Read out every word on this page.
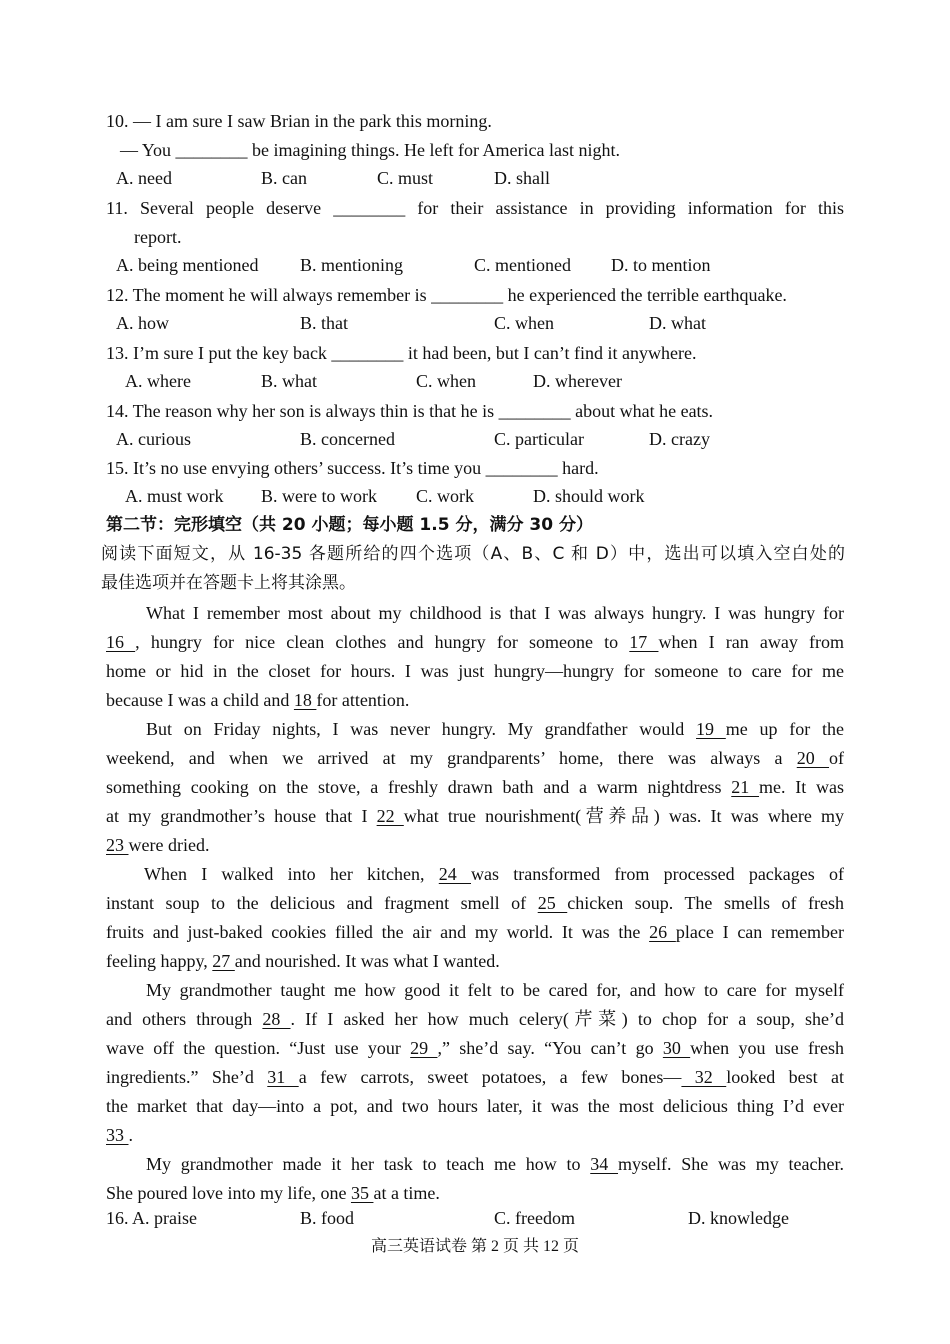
10. — I am sure I saw Brian in the park this morning.
— You ________ be imagining things. He left for America last night.
A. need	B. can	C. must	D. shall
11. Several people deserve ________ for their assistance in providing information for this
report.
A. being mentioned B. mentioning	C. mentioned D. to mention
12. The moment he will always remember is ________ he experienced the terrible earthquake.
A. how	B. that	C. when	D. what
13. I’m sure I put the key back ________ it had been, but I can’t find it anywhere.
A. where	B. what	C. when	D. wherever
14. The reason why her son is always thin is that he is ________ about what he eats.
A. curious	B. concerned	C. particular	D. crazy
15. It’s no use envying others’ success. It’s time you ________ hard.
A. must work B. were to work C. work	D. should work
第二节：完形填空（共 20 小题；每小题 1.5 分，满分 30 分）
阅读下面短文，从 16-35 各题所给的四个选项（A、B、C 和 D）中，选出可以填入空白处的
最佳选项并在答题卡上将其涂黑。
What I remember most about my childhood is that I was always hungry. I was hungry for
16 , hungry for nice clean clothes and hungry for someone to 17 when I ran away from
home or hid in the closet for hours. I was just hungry—hungry for someone to care for me
because I was a child and 18 for attention.
But on Friday nights, I was never hungry. My grandfather would 19 me up for the
weekend, and when we arrived at my grandparents’ home, there was always a 20 of
something cooking on the stove, a freshly drawn bath and a warm nightdress 21 me. It was
at my grandmother’s house that I 22 what true nourishment(营养品) was. It was where my
23 were dried.
When I walked into her kitchen, 24 was transformed from processed packages of
instant soup to the delicious and fragment smell of 25 chicken soup. The smells of fresh
fruits and just-baked cookies filled the air and my world. It was the 26 place I can remember
feeling happy, 27 and nourished. It was what I wanted.
My grandmother taught me how good it felt to be cared for, and how to care for myself
and others through 28 . If I asked her how much celery(芹菜) to chop for a soup, she’d
wave off the question. “Just use your 29 ,” she’d say. “You can’t go 30 when you use fresh
ingredients.” She’d 31 a few carrots, sweet potatoes, a few bones— 32 looked best at
the market that day—into a pot, and two hours later, it was the most delicious thing I’d ever
33 .
My grandmother made it her task to teach me how to 34 myself. She was my teacher.
She poured love into my life, one 35 at a time.
16. A. praise	B. food	C. freedom	D. knowledge
高三英语试卷 第 2 页 共 12 页
